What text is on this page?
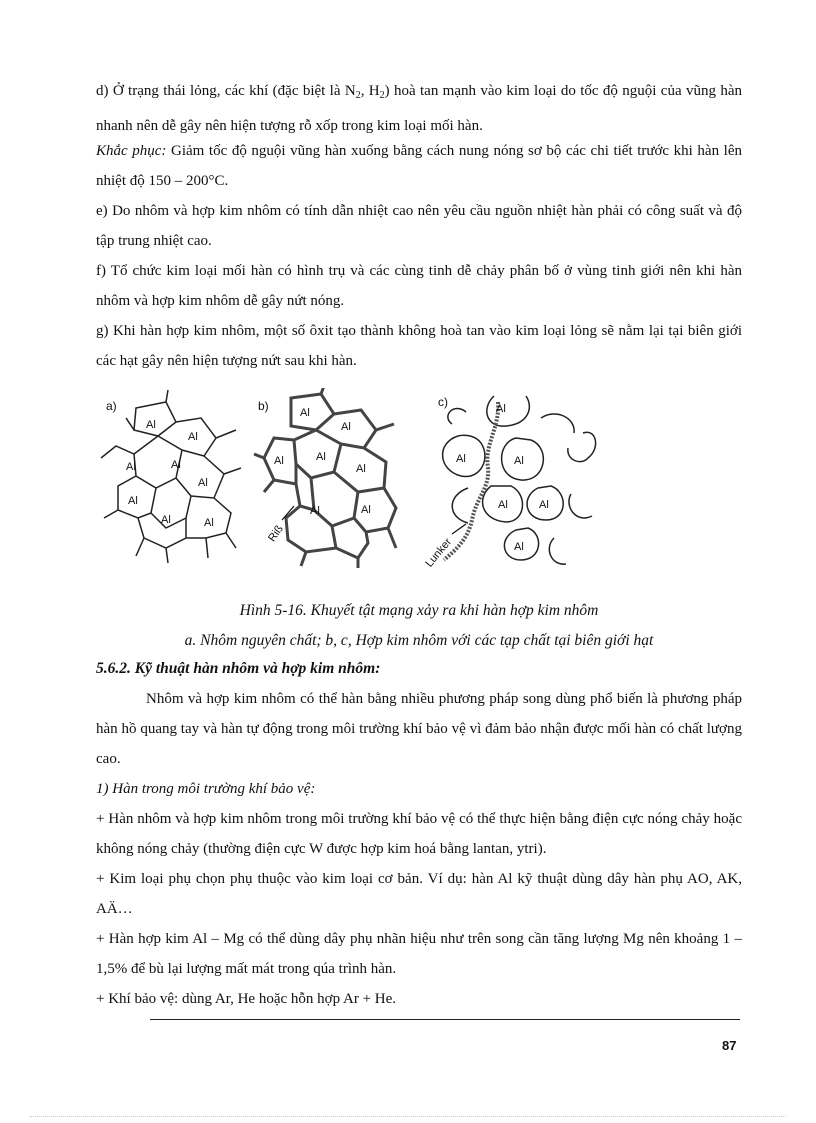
d) Ở trạng thái lỏng, các khí (đặc biệt là $N_2$, $H_2$) hoà tan mạnh vào kim loại do tốc độ nguội của vũng hàn nhanh nên dễ gây nên hiện tượng rỗ xốp trong kim loại mối hàn.

Khắc phục: Giảm tốc độ nguội vũng hàn xuống bằng cách nung nóng sơ bộ các chi tiết trước khi hàn lên nhiệt độ 150 – 200°C.

e) Do nhôm và hợp kim nhôm có tính dẫn nhiệt cao nên yêu cầu nguồn nhiệt hàn phải có công suất và độ tập trung nhiệt cao.

f) Tổ chức kim loại mối hàn có hình trụ và các cùng tinh dễ chảy phân bố ở vùng tinh giới nên khi hàn nhôm và hợp kim nhôm dễ gây nứt nóng.

g) Khi hàn hợp kim nhôm, một số ôxit tạo thành không hoà tan vào kim loại lỏng sẽ nằm lại tại biên giới các hạt gây nên hiện tượng nứt sau khi hàn.

a)
Al
Al
Al	Al
Al
Al
Al	Al
b)	Al
Al
Al	Al
Al
Al	Al
Riß
c)	Al
Al	Al
Al	Al
Al
Lunker

Hình 5-16. Khuyết tật mạng xảy ra khi hàn hợp kim nhôm

a. Nhôm nguyên chất; b, c, Hợp kim nhôm với các tạp chất tại biên giới hạt

5.6.2. Kỹ thuật hàn nhôm và hợp kim nhôm:

Nhôm và hợp kim nhôm có thể hàn bằng nhiều phương pháp song dùng phổ biến là phương pháp hàn hồ quang tay và hàn tự động trong môi trường khí bảo vệ vì đảm bảo nhận được mối hàn có chất lượng cao.

1) Hàn trong môi trường khí bảo vệ:

+ Hàn nhôm và hợp kim nhôm trong môi trường khí bảo vệ có thể thực hiện bằng điện cực nóng chảy hoặc không nóng chảy (thường điện cực W được hợp kim hoá bằng lantan, ytri).

+ Kim loại phụ chọn phụ thuộc vào kim loại cơ bản. Ví dụ: hàn Al kỹ thuật dùng dây hàn phụ AO, AK, AÄ…

+ Hàn hợp kim Al – Mg có thể dùng dây phụ nhãn hiệu như trên song cần tăng lượng Mg nên khoảng 1 – 1,5% để bù lại lượng mất mát trong qúa trình hàn.

+ Khí bảo vệ: dùng Ar, He hoặc hỗn hợp Ar + He.

87
